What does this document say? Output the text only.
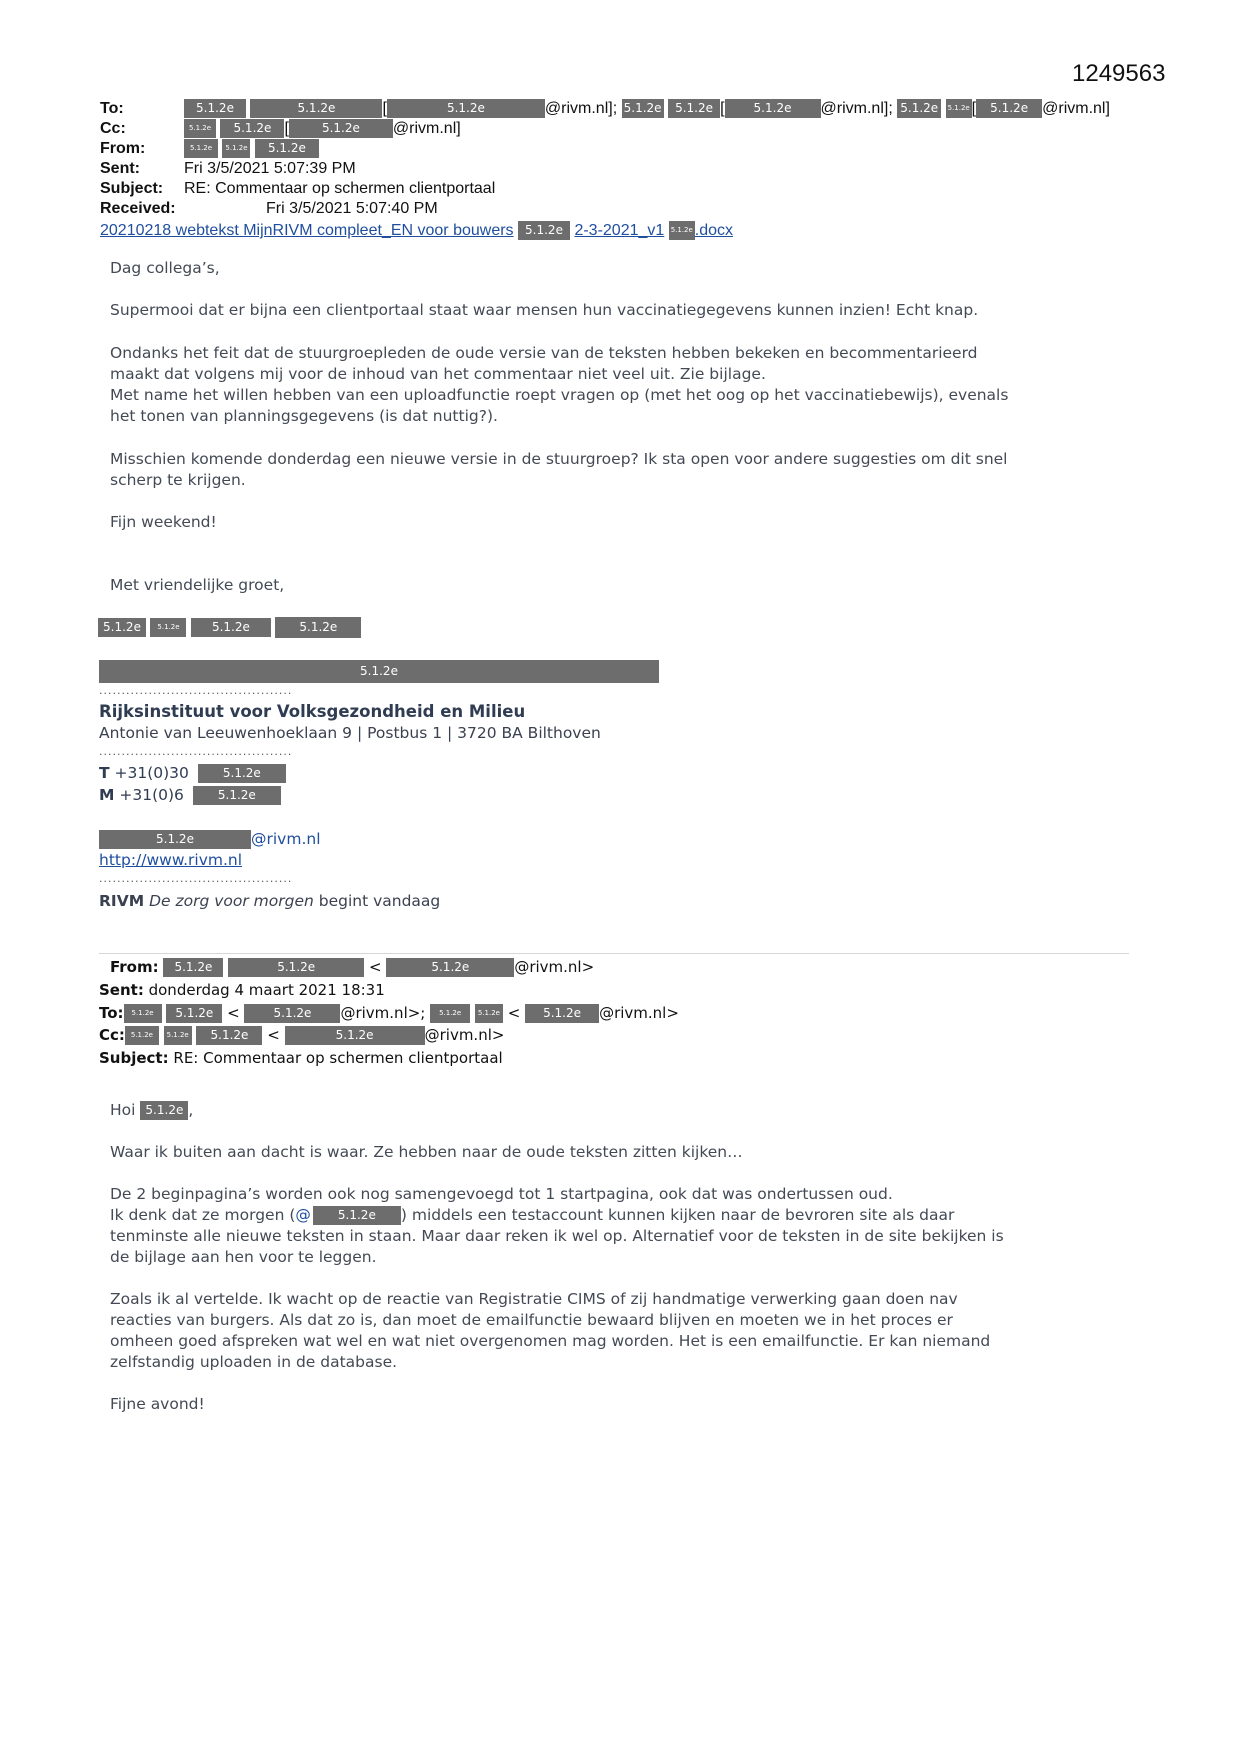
1249563
To:	5.1.2e	5.1.2e	[	5.1.2e	@rivm.nl]; 5.1.2e 5.1.2e [ 5.1.2e @rivm.nl]; 5.1.2e 5.1.2e [ 5.1.2e @rivm.nl]
Cc:	5.1.2e 5.1.2e [	5.1.2e @rivm.nl]
From:	5.1.2e 5.1.2e 5.1.2e
Sent:	Fri 3/5/2021 5:07:39 PM
Subject: RE: Commentaar op schermen clientportaal
Received:	Fri 3/5/2021 5:07:40 PM
20210218 webtekst MijnRIVM compleet_EN voor bouwers 5.1.2e 2-3-2021_v1 5.1.2e .docx
Dag collega’s,
Supermooi dat er bijna een clientportaal staat waar mensen hun vaccinatiegegevens kunnen inzien! Echt knap.
Ondanks het feit dat de stuurgroepleden de oude versie van de teksten hebben bekeken en becommentarieerd
maakt dat volgens mij voor de inhoud van het commentaar niet veel uit. Zie bijlage.
Met name het willen hebben van een uploadfunctie roept vragen op (met het oog op het vaccinatiebewijs), evenals
het tonen van planningsgegevens (is dat nuttig?).
Misschien komende donderdag een nieuwe versie in de stuurgroep? Ik sta open voor andere suggesties om dit snel
scherp te krijgen.
Fijn weekend!
Met vriendelijke groet,
5.1.2e 5.1.2e	5.1.2e	5.1.2e
5.1.2e
...........................................
Rijksinstituut voor Volksgezondheid en Milieu
Antonie van Leeuwenhoeklaan 9 | Postbus 1 | 3720 BA Bilthoven
...........................................
T +31(0)30	5.1.2e
M +31(0)6	5.1.2e
5.1.2e	@rivm.nl
http://www.rivm.nl
...........................................
RIVM De zorg voor morgen begint vandaag
From: 5.1.2e	5.1.2e	<	5.1.2e	@rivm.nl>
Sent: donderdag 4 maart 2021 18:31
To: 5.1.2e 5.1.2e <	5.1.2e @rivm.nl>; 5.1.2e 5.1.2e < 5.1.2e @rivm.nl>
Cc: 5.1.2e 5.1.2e 5.1.2e <	5.1.2e	@rivm.nl>
Subject: RE: Commentaar op schermen clientportaal
Hoi 5.1.2e ,
Waar ik buiten aan dacht is waar. Ze hebben naar de oude teksten zitten kijken…
De 2 beginpagina’s worden ook nog samengevoegd tot 1 startpagina, ook dat was ondertussen oud.
Ik denk dat ze morgen (@ 5.1.2e ) middels een testaccount kunnen kijken naar de bevroren site als daar
tenminste alle nieuwe teksten in staan. Maar daar reken ik wel op. Alternatief voor de teksten in de site bekijken is
de bijlage aan hen voor te leggen.
Zoals ik al vertelde. Ik wacht op de reactie van Registratie CIMS of zij handmatige verwerking gaan doen nav
reacties van burgers. Als dat zo is, dan moet de emailfunctie bewaard blijven en moeten we in het proces er
omheen goed afspreken wat wel en wat niet overgenomen mag worden. Het is een emailfunctie. Er kan niemand
zelfstandig uploaden in de database.
Fijne avond!
